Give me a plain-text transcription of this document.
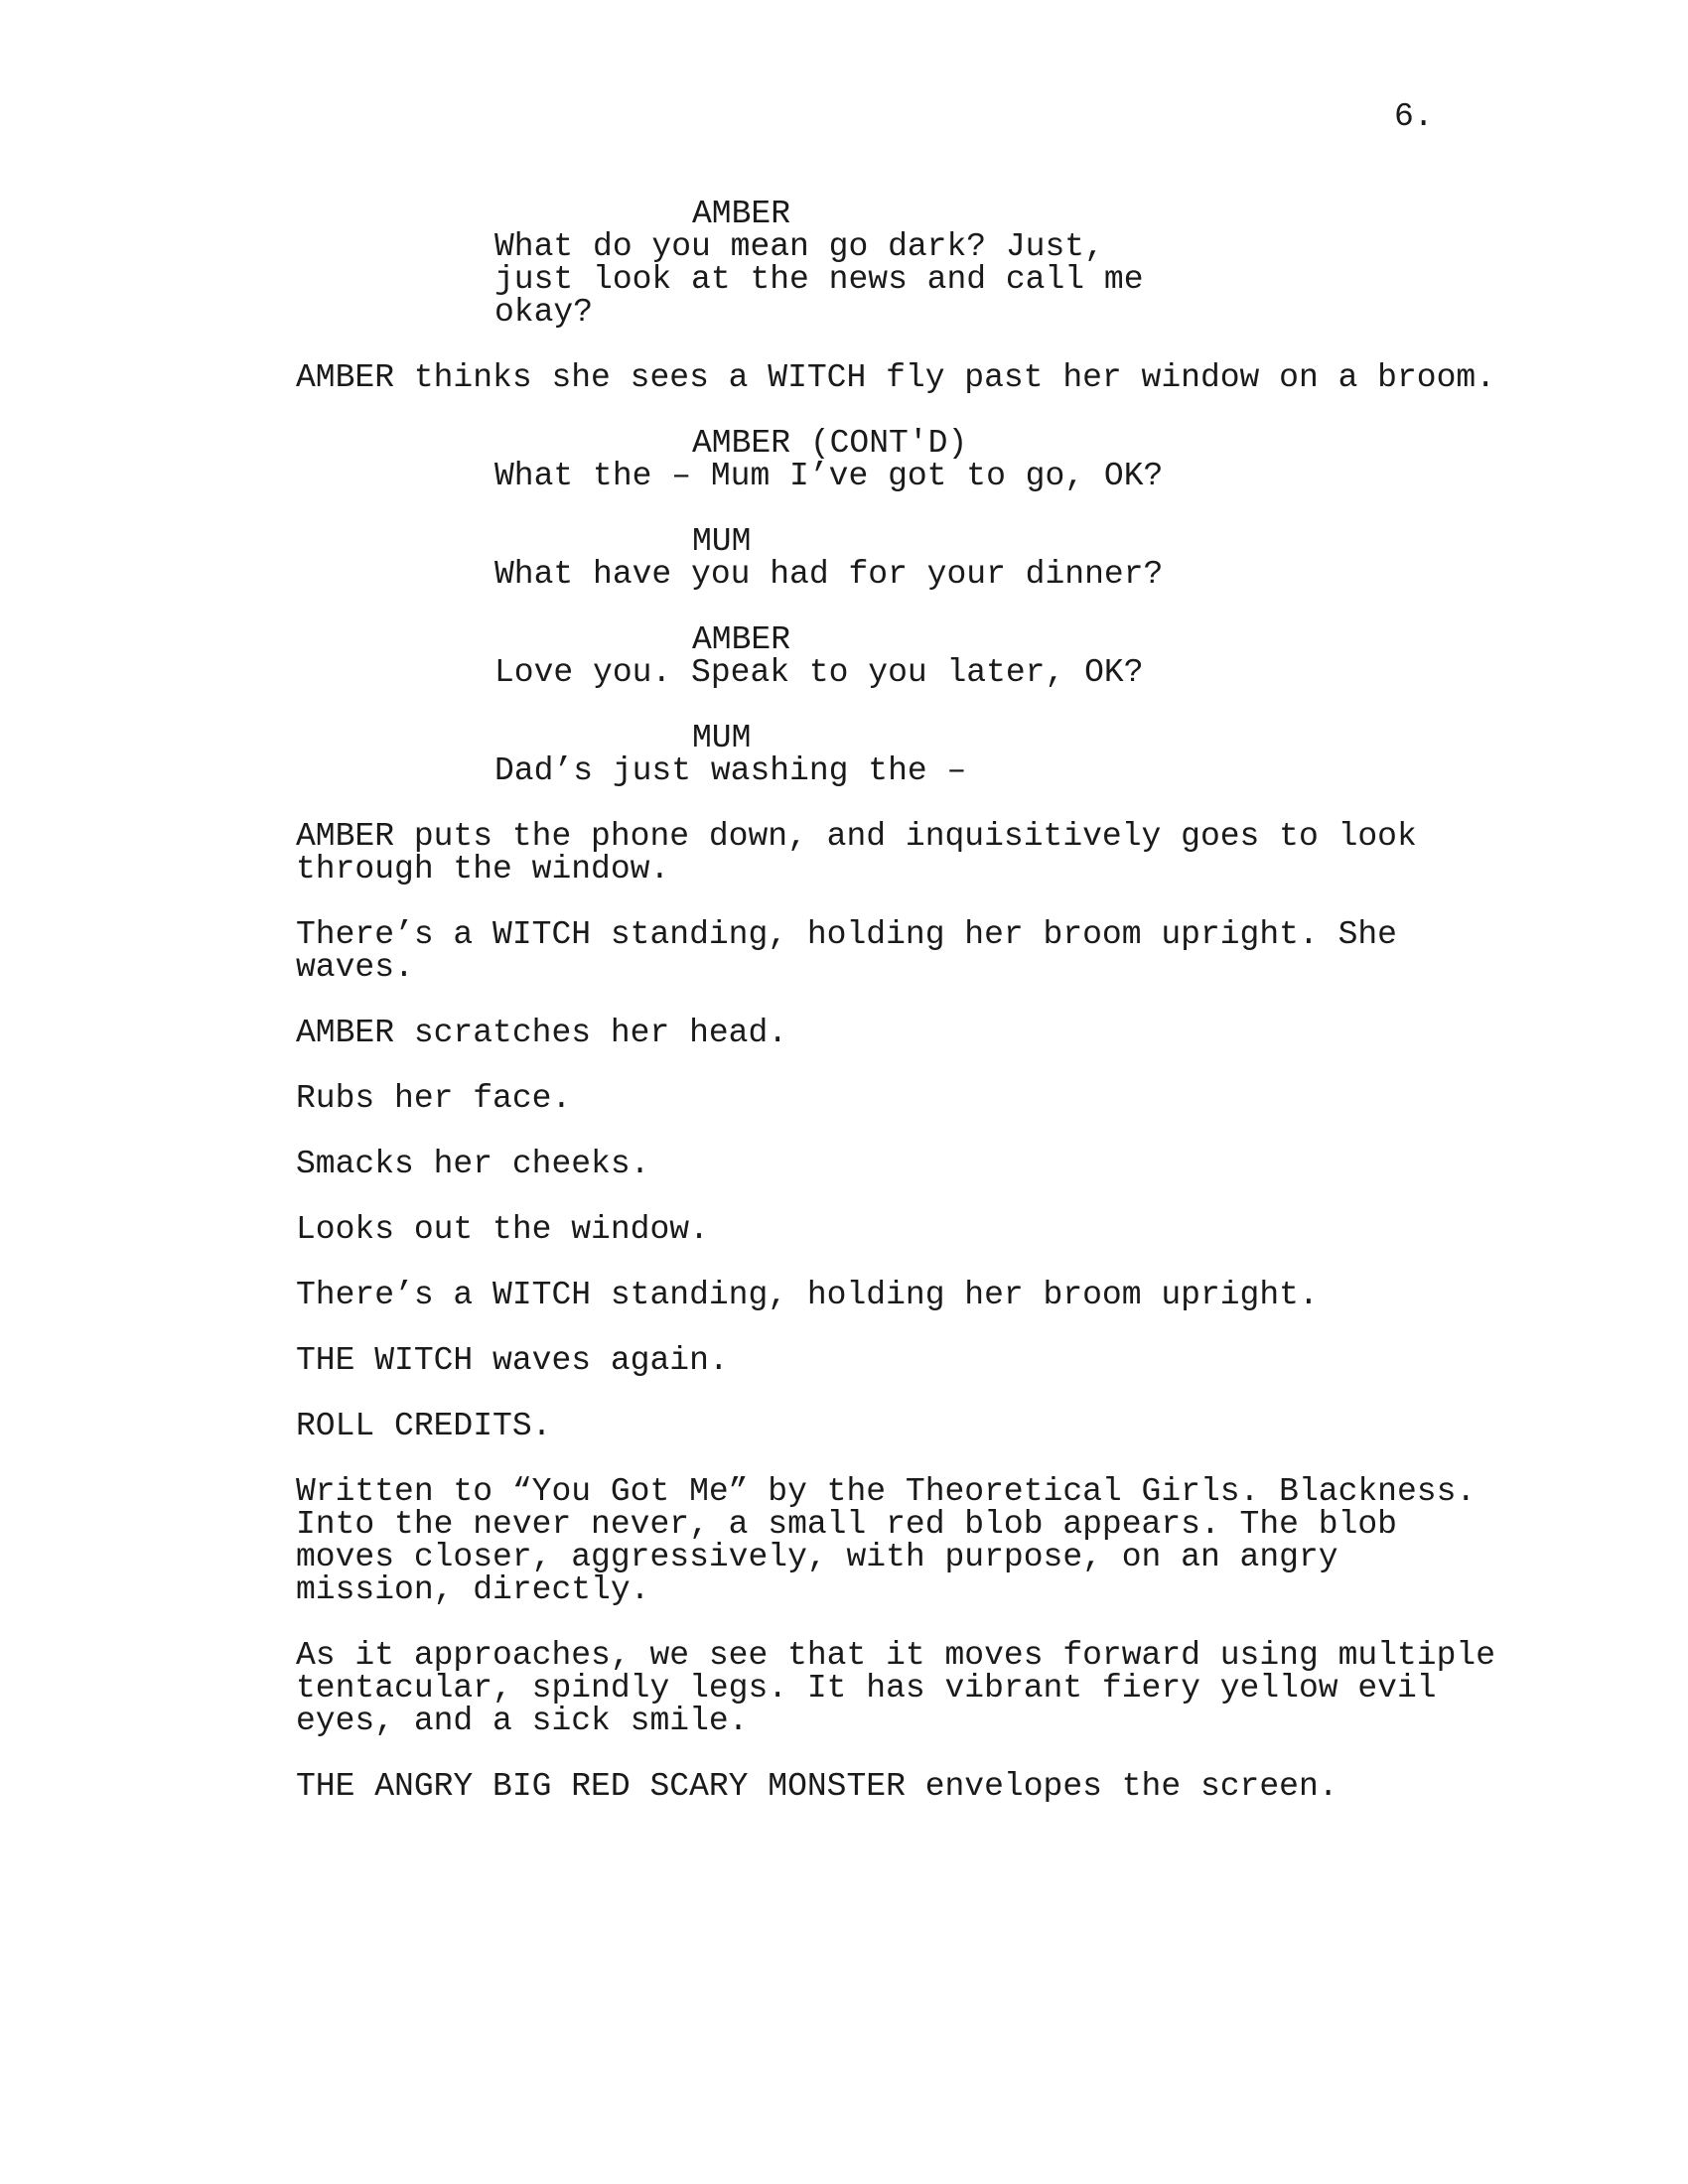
6.
AMBER
What do you mean go dark? Just,
just look at the news and call me
okay?
AMBER thinks she sees a WITCH fly past her window on a broom.
AMBER (CONT'D)
What the – Mum I’ve got to go, OK?
MUM
What have you had for your dinner?
AMBER
Love you. Speak to you later, OK?
MUM
Dad’s just washing the –
AMBER puts the phone down, and inquisitively goes to look
through the window.
There’s a WITCH standing, holding her broom upright. She
waves.
AMBER scratches her head.
Rubs her face.
Smacks her cheeks.
Looks out the window.
There’s a WITCH standing, holding her broom upright.
THE WITCH waves again.
ROLL CREDITS.
Written to “You Got Me” by the Theoretical Girls. Blackness.
Into the never never, a small red blob appears. The blob
moves closer, aggressively, with purpose, on an angry
mission, directly.
As it approaches, we see that it moves forward using multiple
tentacular, spindly legs. It has vibrant fiery yellow evil
eyes, and a sick smile.
THE ANGRY BIG RED SCARY MONSTER envelopes the screen.
